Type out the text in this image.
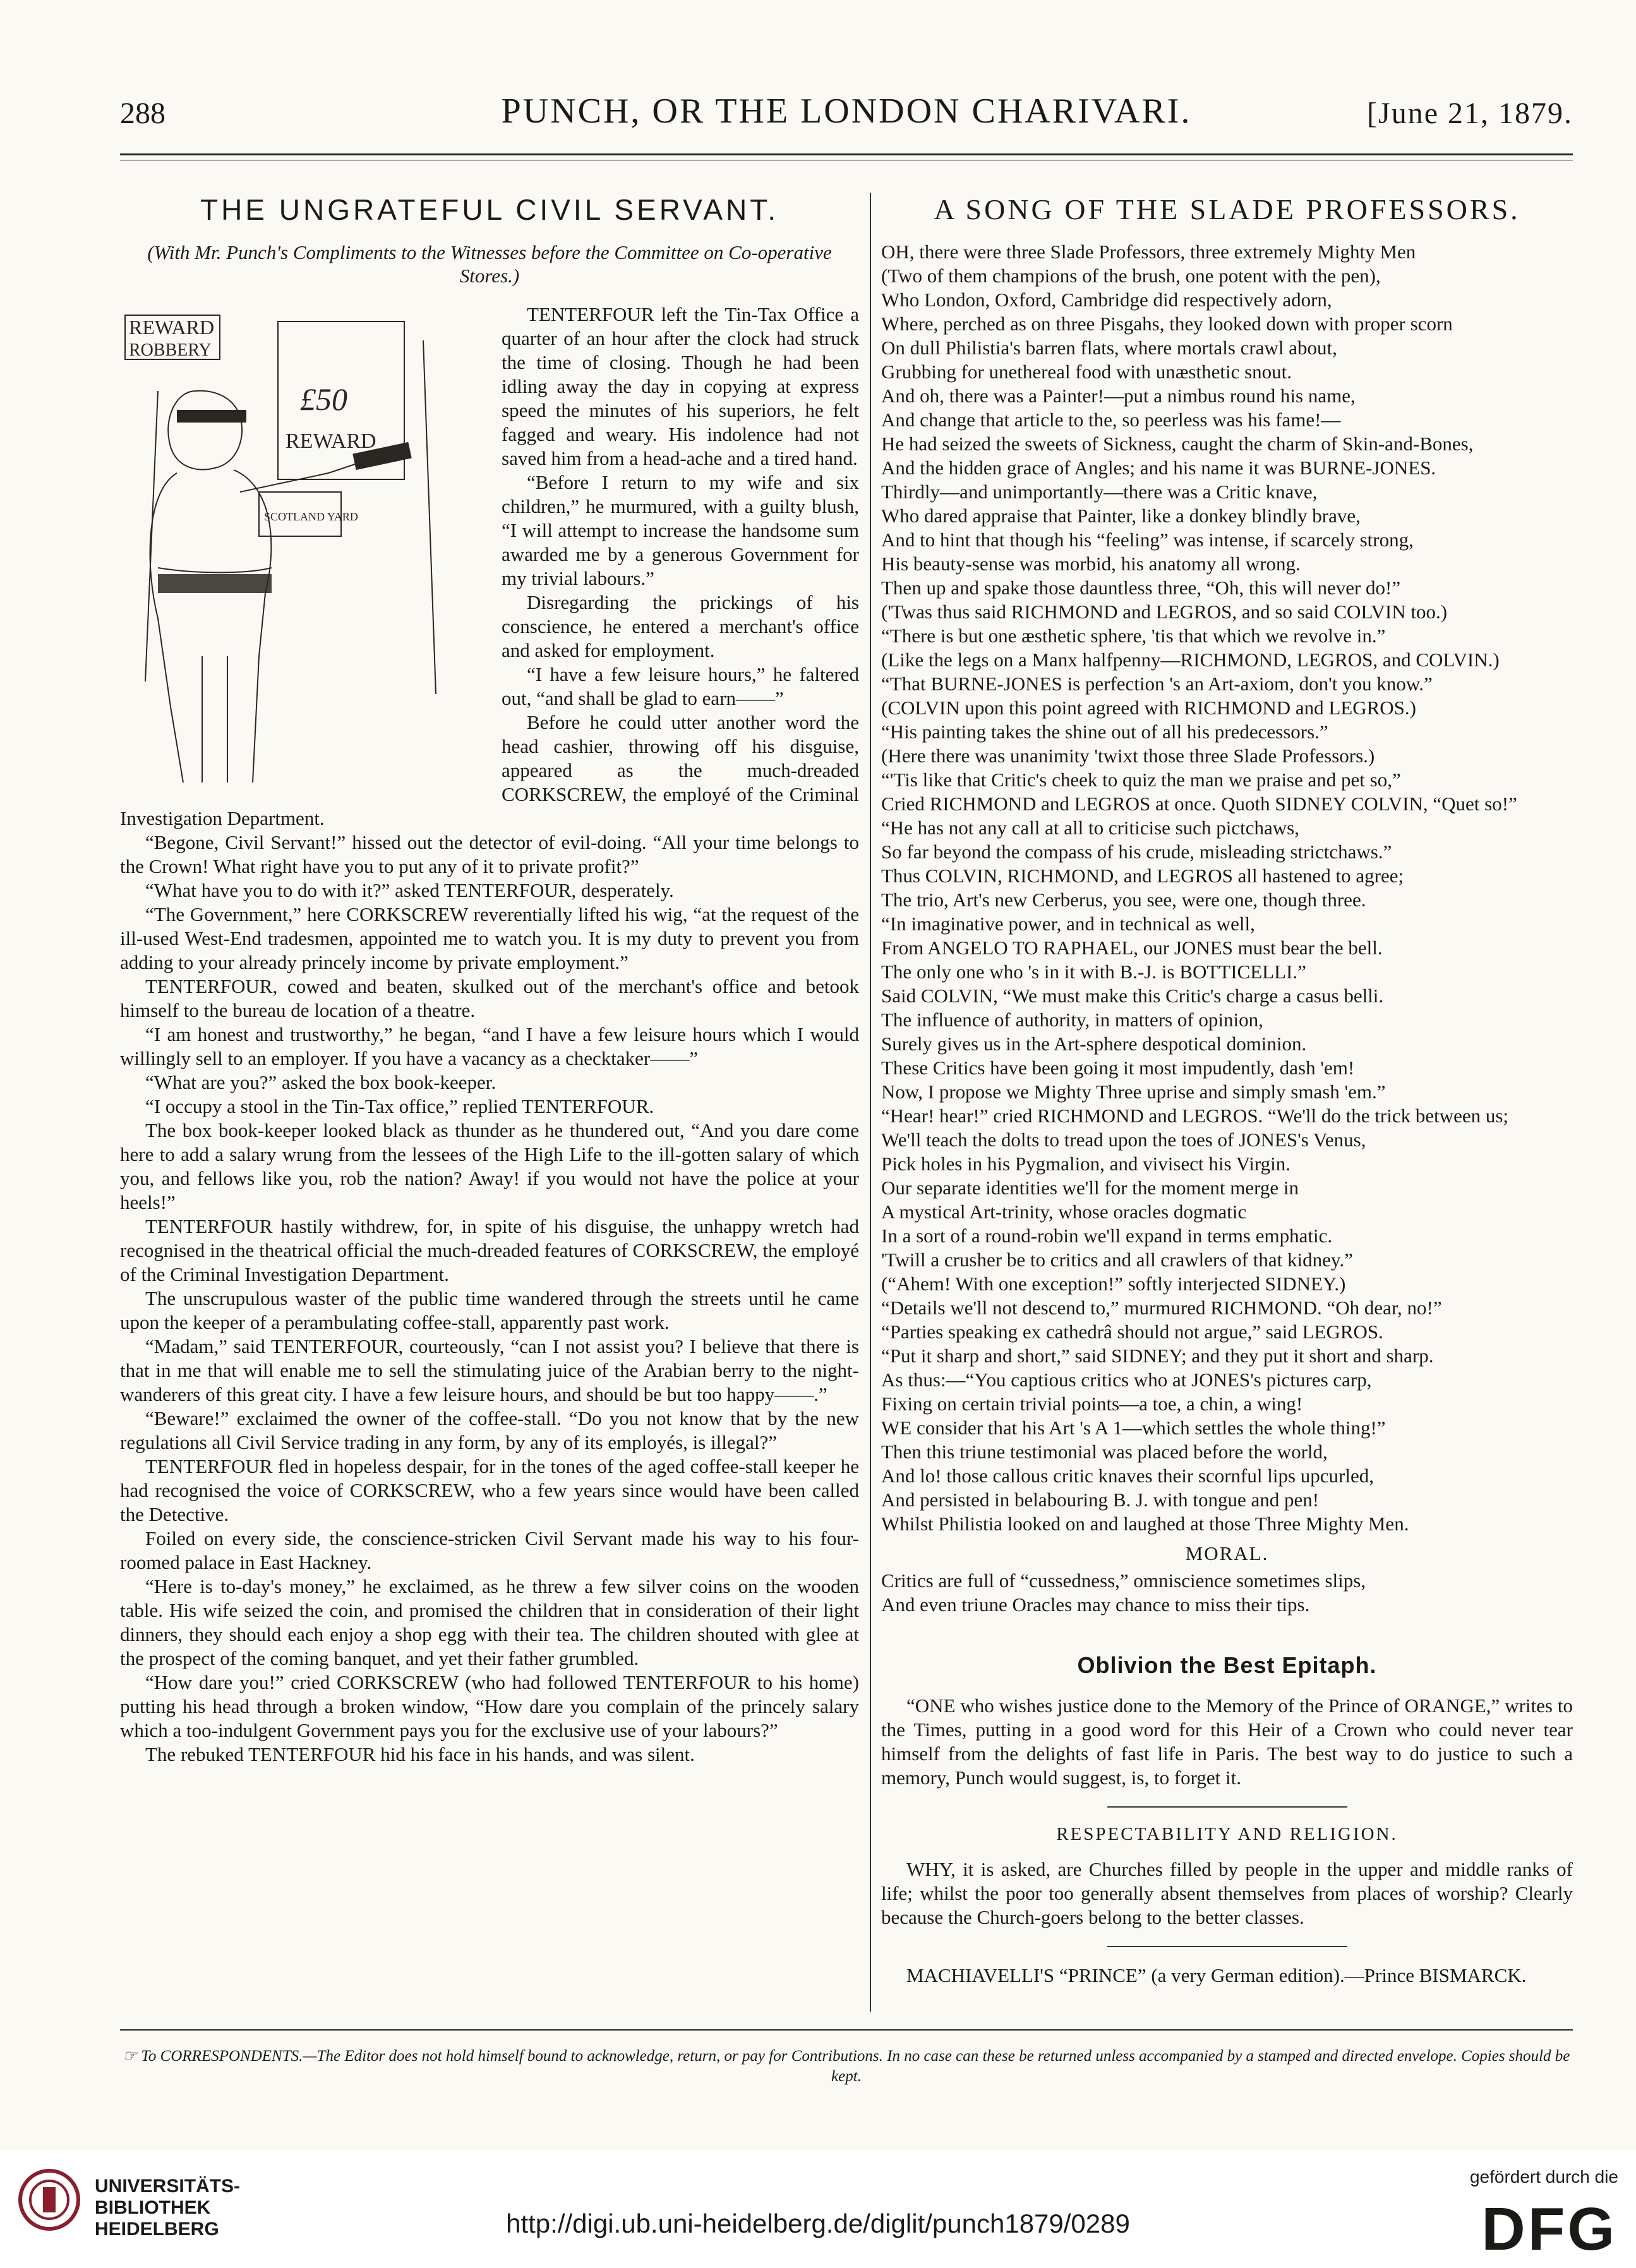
288	PUNCH, OR THE LONDON CHARIVARI.	[June 21, 1879.
THE UNGRATEFUL CIVIL SERVANT.
(With Mr. Punch's Compliments to the Witnesses before the Committee on Co-operative Stores.)
REWARD
ROBBERY
£50
REWARD
SCOTLAND YARD

TENTERFOUR left the Tin-Tax Office a quarter of an hour after the clock had struck the time of closing. Though he had been idling away the day in copying at express speed the minutes of his superiors, he felt fagged and weary. His indolence had not saved him from a head-ache and a tired hand.

“Before I return to my wife and six children,” he murmured, with a guilty blush, “I will attempt to increase the handsome sum awarded me by a generous Government for my trivial labours.”

Disregarding the prickings of his conscience, he entered a merchant's office and asked for employment.

“I have a few leisure hours,” he faltered out, “and shall be glad to earn——”

Before he could utter another word the head cashier, throwing off his disguise, appeared as the much-dreaded CORKSCREW, the employé of the Criminal Investigation Department.

“Begone, Civil Servant!” hissed out the detector of evil-doing. “All your time belongs to the Crown! What right have you to put any of it to private profit?”

“What have you to do with it?” asked TENTERFOUR, desperately.

“The Government,” here CORKSCREW reverentially lifted his wig, “at the request of the ill-used West-End tradesmen, appointed me to watch you. It is my duty to prevent you from adding to your already princely income by private employment.”

TENTERFOUR, cowed and beaten, skulked out of the merchant's office and betook himself to the bureau de location of a theatre.

“I am honest and trustworthy,” he began, “and I have a few leisure hours which I would willingly sell to an employer. If you have a vacancy as a checktaker——”

“What are you?” asked the box book-keeper.

“I occupy a stool in the Tin-Tax office,” replied TENTERFOUR.

The box book-keeper looked black as thunder as he thundered out, “And you dare come here to add a salary wrung from the lessees of the High Life to the ill-gotten salary of which you, and fellows like you, rob the nation? Away! if you would not have the police at your heels!”

TENTERFOUR hastily withdrew, for, in spite of his disguise, the unhappy wretch had recognised in the theatrical official the much-dreaded features of CORKSCREW, the employé of the Criminal Investigation Department.

The unscrupulous waster of the public time wandered through the streets until he came upon the keeper of a perambulating coffee-stall, apparently past work.

“Madam,” said TENTERFOUR, courteously, “can I not assist you? I believe that there is that in me that will enable me to sell the stimulating juice of the Arabian berry to the night-wanderers of this great city. I have a few leisure hours, and should be but too happy——.”

“Beware!” exclaimed the owner of the coffee-stall. “Do you not know that by the new regulations all Civil Service trading in any form, by any of its employés, is illegal?”

TENTERFOUR fled in hopeless despair, for in the tones of the aged coffee-stall keeper he had recognised the voice of CORKSCREW, who a few years since would have been called the Detective.

Foiled on every side, the conscience-stricken Civil Servant made his way to his four-roomed palace in East Hackney.

“Here is to-day's money,” he exclaimed, as he threw a few silver coins on the wooden table. His wife seized the coin, and promised the children that in consideration of their light dinners, they should each enjoy a shop egg with their tea. The children shouted with glee at the prospect of the coming banquet, and yet their father grumbled.

“How dare you!” cried CORKSCREW (who had followed TENTERFOUR to his home) putting his head through a broken window, “How dare you complain of the princely salary which a too-indulgent Government pays you for the exclusive use of your labours?”

The rebuked TENTERFOUR hid his face in his hands, and was silent.

A SONG OF THE SLADE PROFESSORS.

OH, there were three Slade Professors, three extremely Mighty Men

(Two of them champions of the brush, one potent with the pen),

Who London, Oxford, Cambridge did respectively adorn,

Where, perched as on three Pisgahs, they looked down with proper scorn

On dull Philistia's barren flats, where mortals crawl about,

Grubbing for unethereal food with unæsthetic snout.

And oh, there was a Painter!—put a nimbus round his name,

And change that article to the, so peerless was his fame!—

He had seized the sweets of Sickness, caught the charm of Skin-and-Bones,

And the hidden grace of Angles; and his name it was BURNE-JONES.

Thirdly—and unimportantly—there was a Critic knave,

Who dared appraise that Painter, like a donkey blindly brave,

And to hint that though his “feeling” was intense, if scarcely strong,

His beauty-sense was morbid, his anatomy all wrong.

Then up and spake those dauntless three, “Oh, this will never do!”

('Twas thus said RICHMOND and LEGROS, and so said COLVIN too.)

“There is but one æsthetic sphere, 'tis that which we revolve in.”

(Like the legs on a Manx halfpenny—RICHMOND, LEGROS, and COLVIN.)

“That BURNE-JONES is perfection 's an Art-axiom, don't you know.”

(COLVIN upon this point agreed with RICHMOND and LEGROS.)

“His painting takes the shine out of all his predecessors.”

(Here there was unanimity 'twixt those three Slade Professors.)

“'Tis like that Critic's cheek to quiz the man we praise and pet so,”

Cried RICHMOND and LEGROS at once. Quoth SIDNEY COLVIN, “Quet so!”

“He has not any call at all to criticise such pictchaws,

So far beyond the compass of his crude, misleading strictchaws.”

Thus COLVIN, RICHMOND, and LEGROS all hastened to agree;

The trio, Art's new Cerberus, you see, were one, though three.

“In imaginative power, and in technical as well,

From ANGELO TO RAPHAEL, our JONES must bear the bell.

The only one who 's in it with B.-J. is BOTTICELLI.”

Said COLVIN, “We must make this Critic's charge a casus belli.

The influence of authority, in matters of opinion,

Surely gives us in the Art-sphere despotical dominion.

These Critics have been going it most impudently, dash 'em!

Now, I propose we Mighty Three uprise and simply smash 'em.”

“Hear! hear!” cried RICHMOND and LEGROS. “We'll do the trick between us;

We'll teach the dolts to tread upon the toes of JONES's Venus,

Pick holes in his Pygmalion, and vivisect his Virgin.

Our separate identities we'll for the moment merge in

A mystical Art-trinity, whose oracles dogmatic

In a sort of a round-robin we'll expand in terms emphatic.

'Twill a crusher be to critics and all crawlers of that kidney.”

(“Ahem! With one exception!” softly interjected SIDNEY.)

“Details we'll not descend to,” murmured RICHMOND. “Oh dear, no!”

“Parties speaking ex cathedrâ should not argue,” said LEGROS.

“Put it sharp and short,” said SIDNEY; and they put it short and sharp.

As thus:—“You captious critics who at JONES's pictures carp,

Fixing on certain trivial points—a toe, a chin, a wing!

WE consider that his Art 's A 1—which settles the whole thing!”

Then this triune testimonial was placed before the world,

And lo! those callous critic knaves their scornful lips upcurled,

And persisted in belabouring B. J. with tongue and pen!

Whilst Philistia looked on and laughed at those Three Mighty Men.

MORAL.

Critics are full of “cussedness,” omniscience sometimes slips,

And even triune Oracles may chance to miss their tips.

Oblivion the Best Epitaph.

“ONE who wishes justice done to the Memory of the Prince of ORANGE,” writes to the Times, putting in a good word for this Heir of a Crown who could never tear himself from the delights of fast life in Paris. The best way to do justice to such a memory, Punch would suggest, is, to forget it.

RESPECTABILITY AND RELIGION.

WHY, it is asked, are Churches filled by people in the upper and middle ranks of life; whilst the poor too generally absent themselves from places of worship? Clearly because the Church-goers belong to the better classes.

MACHIAVELLI'S “PRINCE” (a very German edition).—Prince BISMARCK.

☞ To CORRESPONDENTS.—The Editor does not hold himself bound to acknowledge, return, or pay for Contributions. In no case can these be returned unless accompanied by a stamped and directed envelope. Copies should be kept.
UNIVERSITÄTS-
BIBLIOTHEK
HEIDELBERG	http://digi.ub.uni-heidelberg.de/diglit/punch1879/0289
gefördert durch die
DFG
